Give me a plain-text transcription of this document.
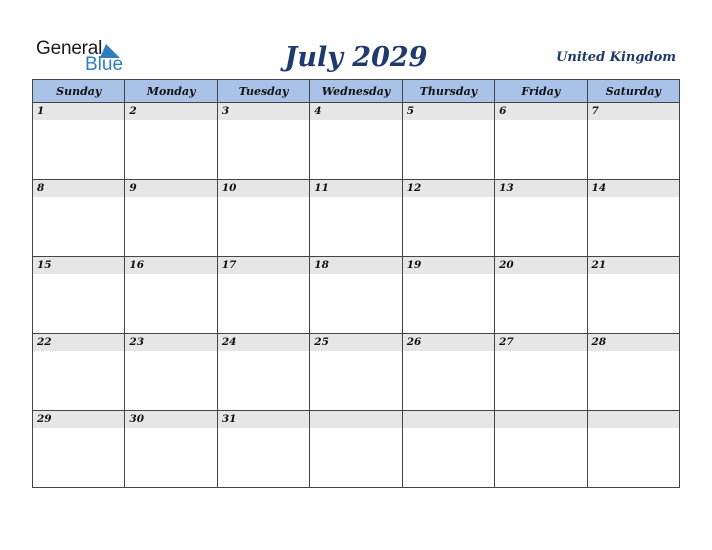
General
Blue	July 2029	United Kingdom
Sunday	Monday	Tuesday	Wednesday	Thursday	Friday	Saturday

1	2	3	4	5	6	7

8	9	10	11	12	13	14

15	16	17	18	19	20	21

22	23	24	25	26	27	28

29	30	31				
